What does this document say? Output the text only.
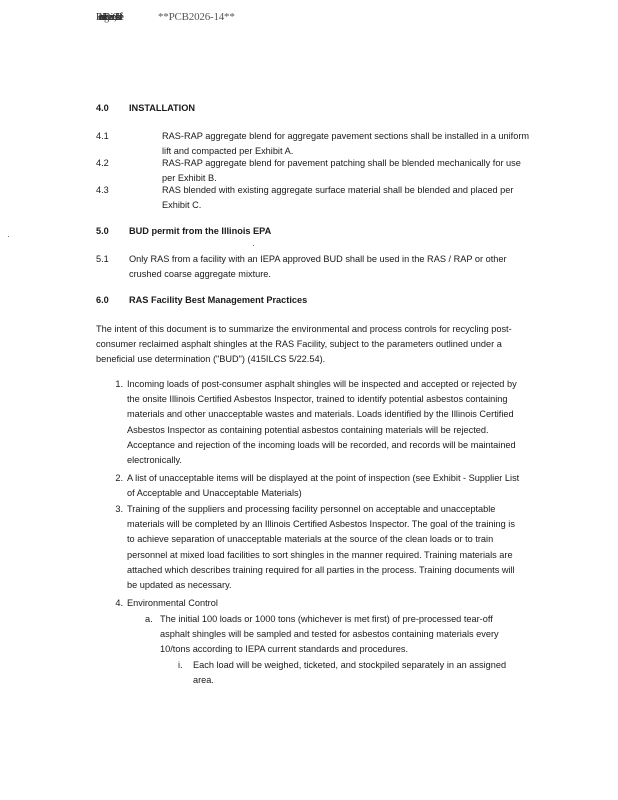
Electronic Filing: Received, Clerk's Office	**PCB2026-14**
4.0 INSTALLATION
4.1	RAS-RAP aggregate blend for aggregate pavement sections shall be installed in a uniform lift and compacted per Exhibit A.

4.2	RAS-RAP aggregate blend for pavement patching shall be blended mechanically for use per Exhibit B.

4.3	RAS blended with existing aggregate surface material shall be blended and placed per Exhibit C.

5.0 BUD permit from the Illinois EPA
5.1 Only RAS from a facility with an IEPA approved BUD shall be used in the RAS / RAP or other crushed coarse aggregate mixture.

6.0 RAS Facility Best Management Practices

The intent of this document is to summarize the environmental and process controls for recycling post-consumer reclaimed asphalt shingles at the RAS Facility, subject to the parameters outlined under a beneficial use determination ("BUD") (415ILCS 5/22.54).

1. Incoming loads of post-consumer asphalt shingles will be inspected and accepted or rejected by the onsite Illinois Certified Asbestos Inspector, trained to identify potential asbestos containing materials and other unacceptable wastes and materials. Loads identified by the Illinois Certified Asbestos Inspector as containing potential asbestos containing materials will be rejected. Acceptance and rejection of the incoming loads will be recorded, and records will be maintained electronically.

2. A list of unacceptable items will be displayed at the point of inspection (see Exhibit - Supplier List of Acceptable and Unacceptable Materials)

3. Training of the suppliers and processing facility personnel on acceptable and unacceptable materials will be completed by an Illinois Certified Asbestos Inspector. The goal of the training is to achieve separation of unacceptable materials at the source of the clean loads or to train personnel at mixed load facilities to sort shingles in the manner required. Training materials are attached which describes training required for all parties in the process. Training documents will be updated as necessary.

4. Environmental Control

a. The initial 100 loads or 1000 tons (whichever is met first) of pre-processed tear-off asphalt shingles will be sampled and tested for asbestos containing materials every 10/tons according to IEPA current standards and procedures.

i. Each load will be weighed, ticketed, and stockpiled separately in an assigned area.
